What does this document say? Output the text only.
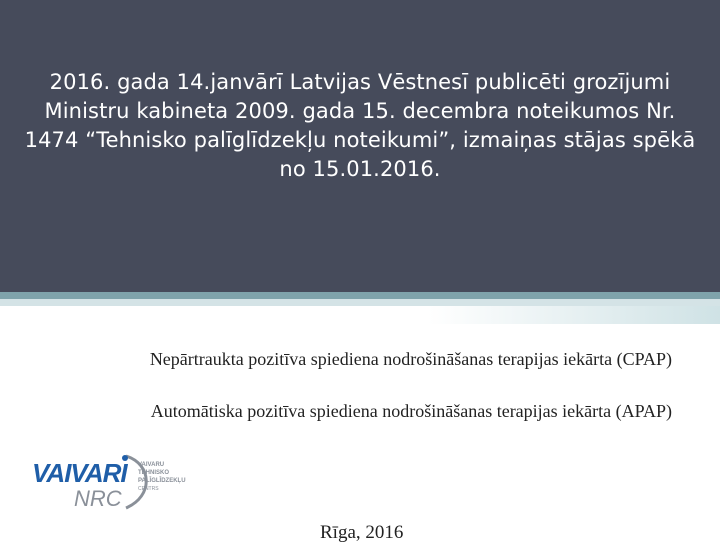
2016. gada 14.janvārī Latvijas Vēstnesī publicēti grozījumi Ministru kabineta 2009. gada 15. decembra noteikumos Nr. 1474 “Tehnisko palīglīdzekļu noteikumi”, izmaiņas stājas spēkā no 15.01.2016.

Nepārtraukta pozitīva spiediena nodrošināšanas terapijas iekārta (CPAP)

Automātiska pozitīva spiediena nodrošināšanas terapijas iekārta (APAP)

VAIVARI
NRC
VAIVARU
TEHNISKO
PALĪGLĪDZEKĻU
CENTRS
Rīga, 2016
